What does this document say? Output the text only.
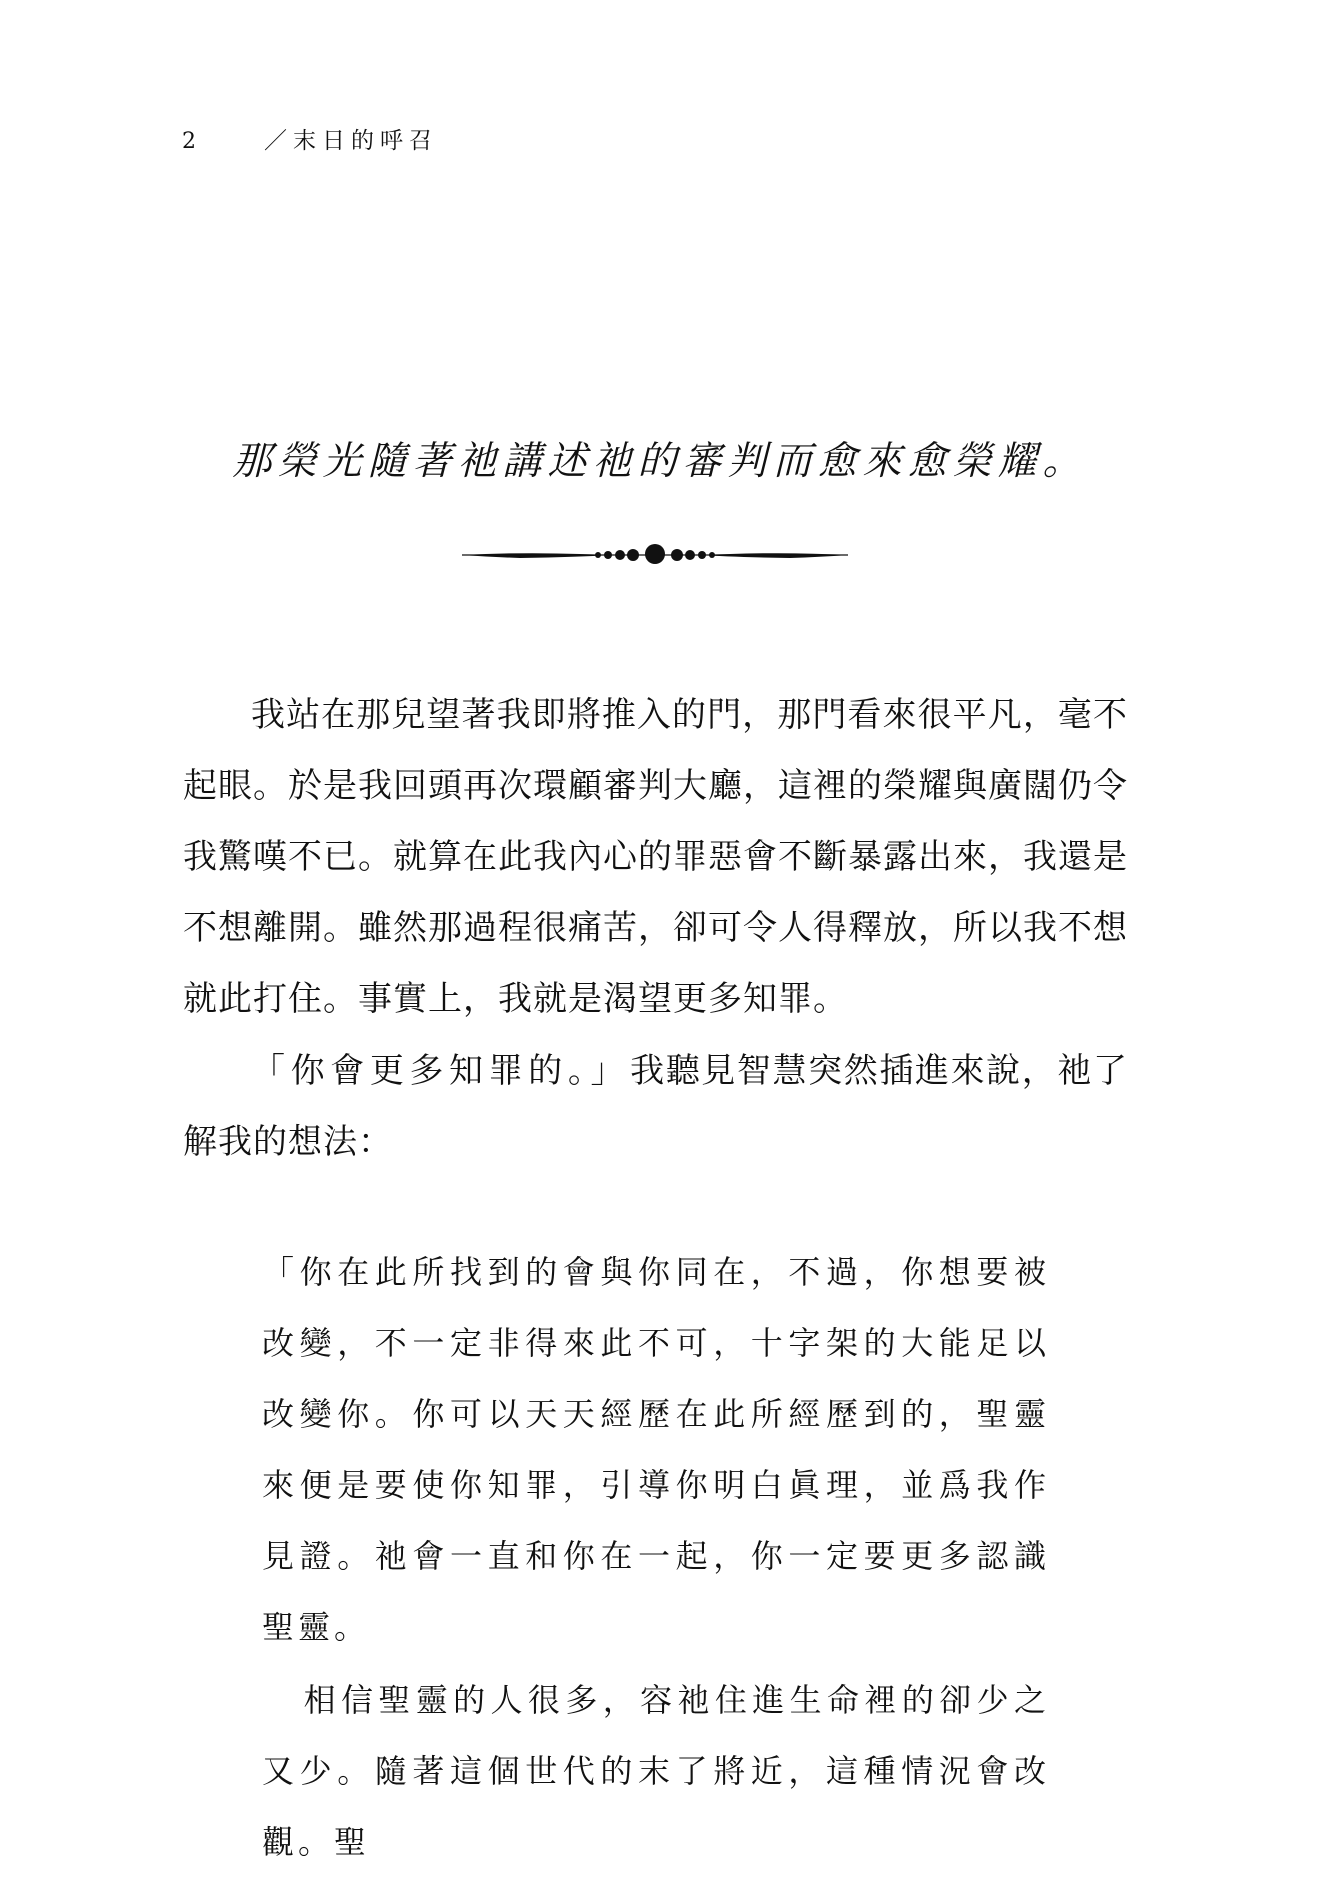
2	／末日的呼召
那榮光隨著祂講述祂的審判而愈來愈榮耀。

我站在那兒望著我即將推入的門，那門看來很平凡，毫不起眼。於是我回頭再次環顧審判大廳，這裡的榮耀與廣闊仍令我驚嘆不已。就算在此我內心的罪惡會不斷暴露出來，我還是不想離開。雖然那過程很痛苦，卻可令人得釋放，所以我不想就此打住。事實上，我就是渴望更多知罪。

「你會更多知罪的。」我聽見智慧突然插進來說，祂了解我的想法：

「你在此所找到的會與你同在，不過，你想要被改變，不一定非得來此不可，十字架的大能足以改變你。你可以天天經歷在此所經歷到的，聖靈來便是要使你知罪，引導你明白眞理，並爲我作見證。祂會一直和你在一起，你一定要更多認識聖靈。

相信聖靈的人很多，容祂住進生命裡的卻少之又少。隨著這個世代的末了將近，這種情況會改觀。聖
